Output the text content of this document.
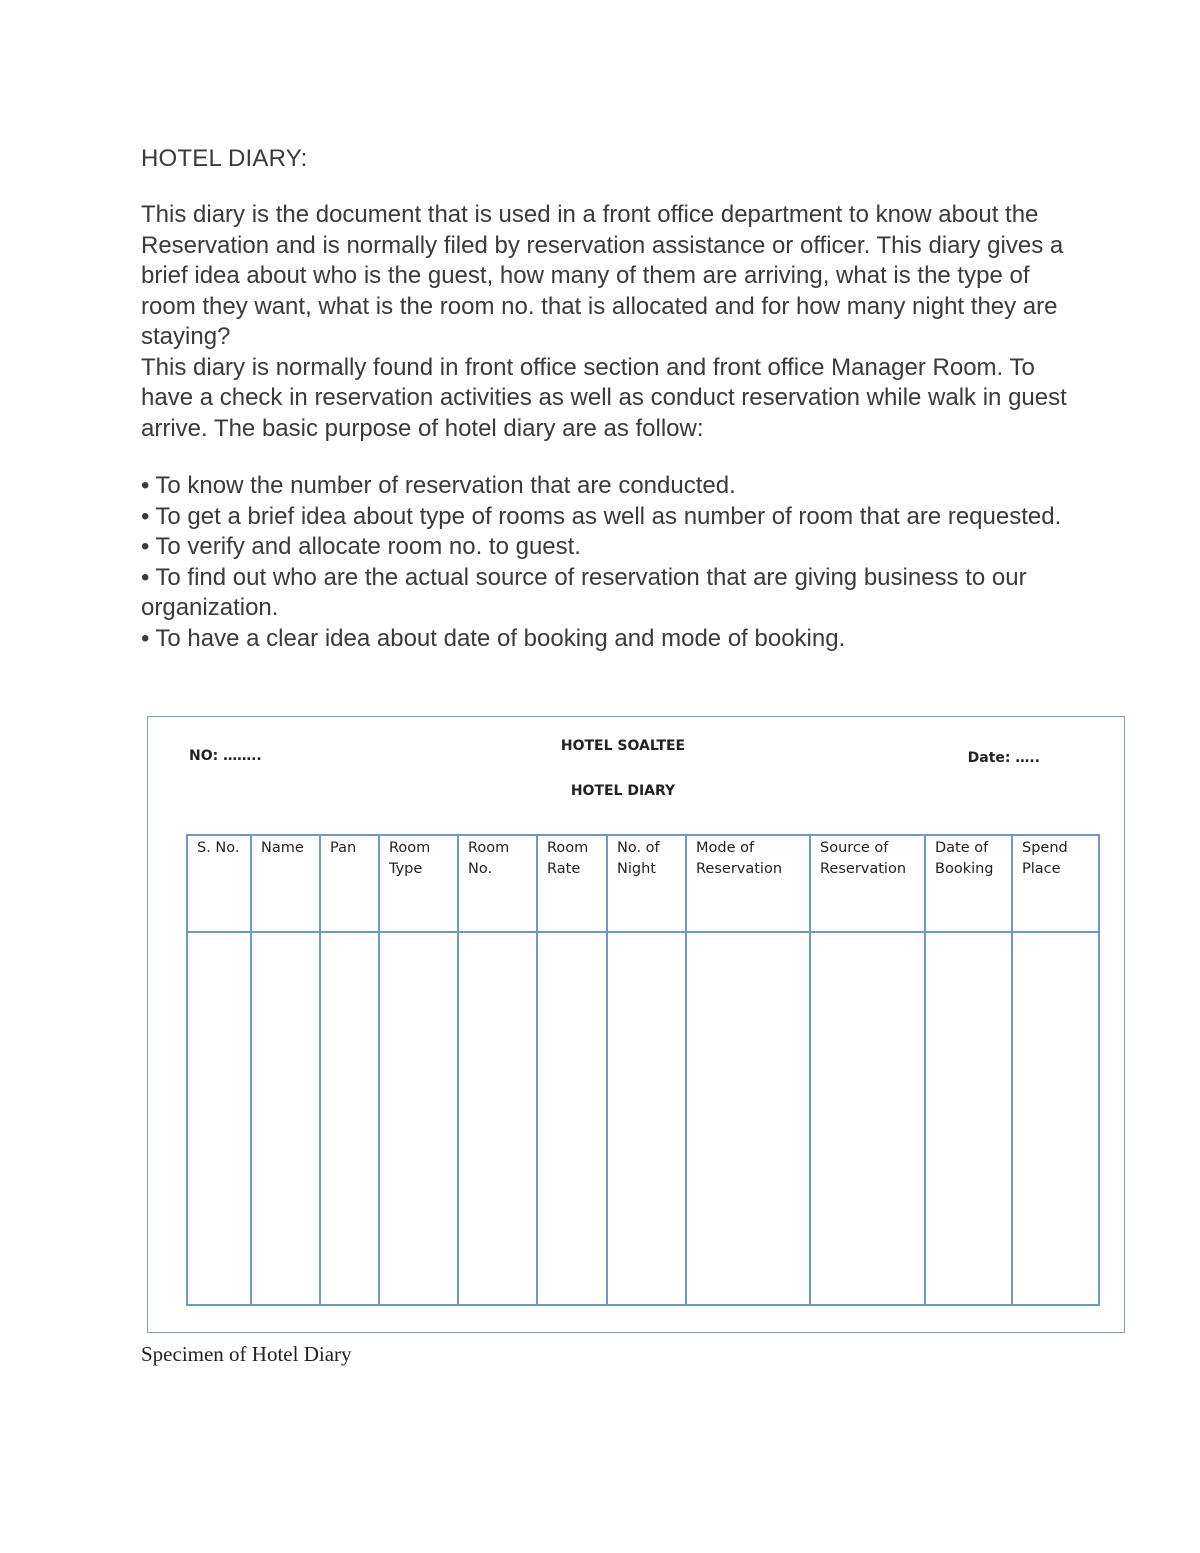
HOTEL DIARY:

This diary is the document that is used in a front office department to know about the Reservation and is normally filed by reservation assistance or officer. This diary gives a brief idea about who is the guest, how many of them are arriving, what is the type of room they want, what is the room no. that is allocated and for how many night they are staying?

This diary is normally found in front office section and front office Manager Room. To have a check in reservation activities as well as conduct reservation while walk in guest arrive. The basic purpose of hotel diary are as follow:

• To know the number of reservation that are conducted.
• To get a brief idea about type of rooms as well as number of room that are requested.
• To verify and allocate room no. to guest.
• To find out who are the actual source of reservation that are giving business to our organization.
• To have a clear idea about date of booking and mode of booking.
NO: ……..
HOTEL SOALTEE
Date: …..
HOTEL DIARY
S. No.	Name	Pan	Room Type	Room No.	Room Rate	No. of Night	Mode of Reservation	Source of Reservation	Date of Booking	Spend Place

Specimen of Hotel Diary
